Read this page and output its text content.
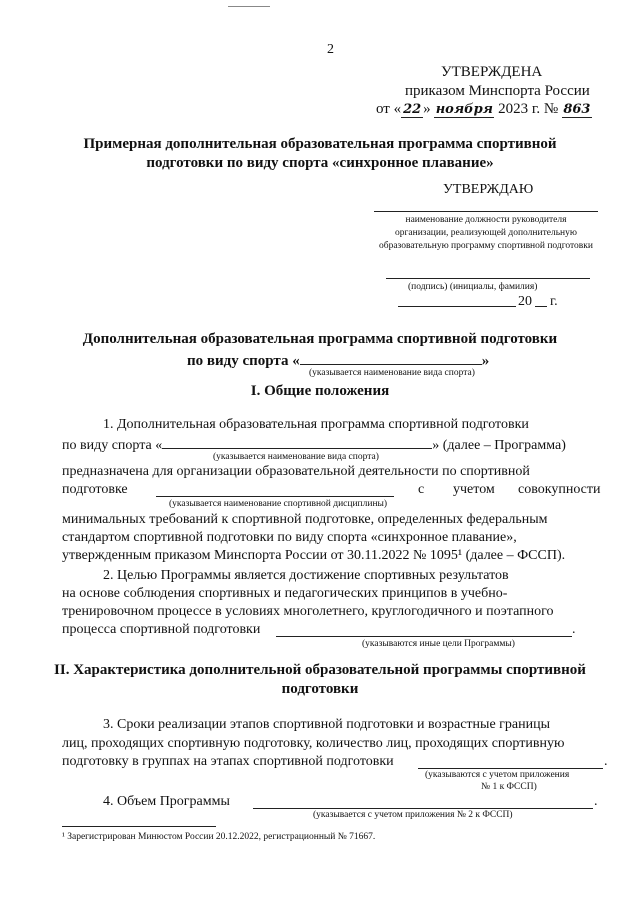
2
УТВЕРЖДЕНА
приказом Минспорта России
от « 22 » ноября 2023 г. № 863
Примерная дополнительная образовательная программа спортивной
подготовки по виду спорта «синхронное плавание»
УТВЕРЖДАЮ
наименование должности руководителя
организации, реализующей дополнительную
образовательную программу спортивной подготовки
(подпись) (инициалы, фамилия)
20 г.
Дополнительная образовательная программа спортивной подготовки
по виду спорта «	»
(указывается наименование вида спорта)
I. Общие положения
1. Дополнительная образовательная программа спортивной подготовки
по виду спорта «	» (далее – Программа)
(указывается наименование вида спорта)
предназначена для организации образовательной деятельности по спортивной
подготовке	с учетом совокупности
(указывается наименование спортивной дисциплины)
минимальных требований к спортивной подготовке, определенных федеральным
стандартом спортивной подготовки по виду спорта «синхронное плавание»,
утвержденным приказом Минспорта России от 30.11.2022 № 1095¹ (далее – ФССП).
2. Целью Программы является достижение спортивных результатов
на основе соблюдения спортивных и педагогических принципов в учебно-
тренировочном процессе в условиях многолетнего, круглогодичного и поэтапного
процесса спортивной подготовки	.
(указываются иные цели Программы)
II. Характеристика дополнительной образовательной программы спортивной
подготовки
3. Сроки реализации этапов спортивной подготовки и возрастные границы
лиц, проходящих спортивную подготовку, количество лиц, проходящих спортивную
подготовку в группах на этапах спортивной подготовки	.
(указываются с учетом приложения
№ 1 к ФССП)
4. Объем Программы	.
(указывается с учетом приложения № 2 к ФССП)
¹ Зарегистрирован Минюстом России 20.12.2022, регистрационный № 71667.
